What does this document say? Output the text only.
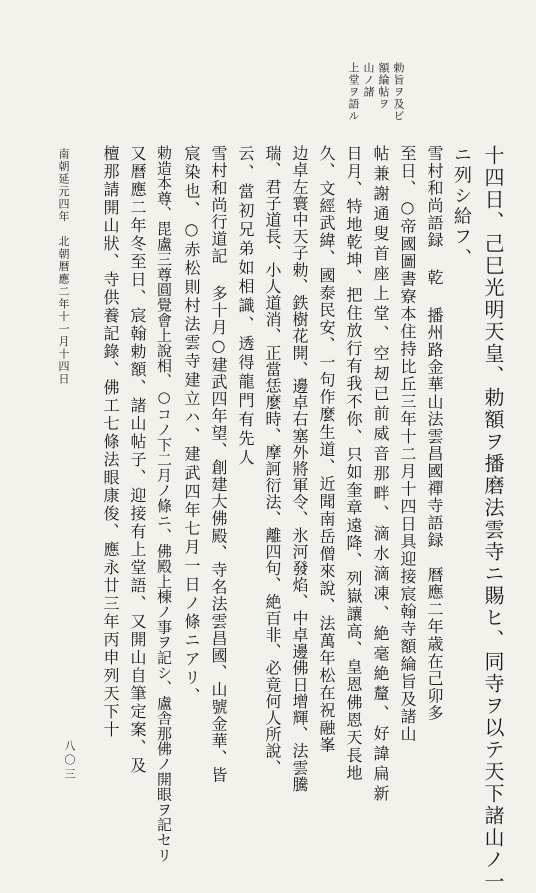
勅旨ヲ及ビ
額綸帖ヲ
山ノ諸
上堂ヲ語ル
十四日、己巳光明天皇、勅額ヲ播磨法雲寺ニ賜ヒ、同寺ヲ以テ天下諸山ノ一
ニ列シ給フ、
雪村和尚語録 乾 播州路金華山法雲昌國禪寺語録　暦應二年歳在己卯多
至日、○帝國圖書寮本住持比丘三年十二月十四日具迎接宸翰寺額綸旨及諸山
帖兼謝通叟首座上堂、空刼已前威音那畔、滴水滴凍、絶毫絶釐、好諱扁新
日月、特地乾坤、把住放行有我不你、只如奎章遠降、列嶽讓高、皇恩佛恩天長地
久、文經武緯、國泰民安、一句作麼生道、近聞南岳僧來說、法萬年松在祝融峯
边卓左寰中天子勅、鉄樹花開、邊卓右塞外將軍令、氷河發焰、中卓邊佛日增輝、法雲騰
瑞、君子道長、小人道消、正當恁麼時、摩訶衍法、離四句、絶百非、必竟何人所說、
云、當初兄弟如相識、透得龍門有先人
雪村和尚行道記 多十月○建武四年望、創建大佛殿、寺名法雲昌國、山號金華、皆
宸染也、○赤松則村法雲寺建立ハ、建武四年七月一日ノ條ニアリ、
勅造本尊、毘盧三尊圓覺會上說相、○コノ下二月ノ條ニ、佛殿上棟ノ事ヲ記シ、盧舎那佛ノ開眼ヲ記セリ
又曆應二年冬至日、宸翰勅額、諸山帖子、迎接有上堂語、又開山自筆定案、及
檀那請開山狀、寺供養記錄、佛工七條法眼康俊、應永廿三年丙申列天下十
南朝延元四年　北朝暦應二年十一月十四日
八〇三
